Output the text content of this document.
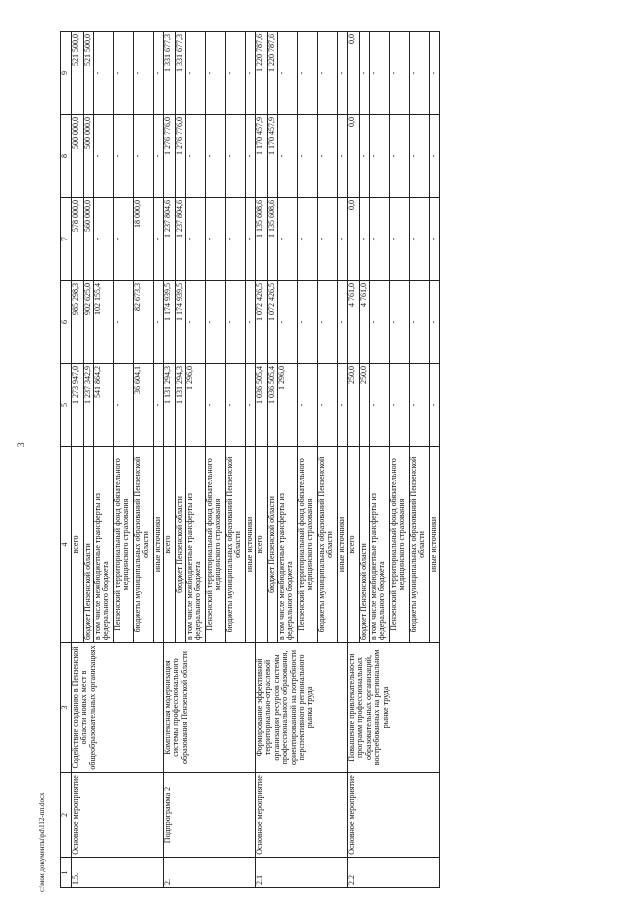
3
1	2	3	4	5	6	7	8	9
1.5.	Основное мероприятие	Содействие созданию в Пензенской области новых мест в общеобразовательных организациях	всего	1 273 947,0	985 298,3	578 000,0	500 000,0	521 500,0
			бюджет Пензенской области	1 237 342,9	902 625,0	560 000,0	500 000,0	521 500,0
			в том числе межбюджетные трансферты из федерального бюджета	541 864,2	102 155,4	-	-	-
			Пензенский территориальный фонд обязательного медицинского страхования	-	-	-	-	-
			бюджеты муниципальных образований Пензенской области	36 604,1	82 673,3	18 000,0	-	-
			иные источники	-	-	-	-	-
2.	Подпрограмма 2	Комплексная модернизация системы профессионального образования Пензенской области	всего	1 131 294,3	1 174 939,5	1 237 804,6	1 276 776,0	1 331 677,3
			бюджет Пензенской области	1 131 294,3	1 174 939,5	1 237 804,6	1 276 776,0	1 331 677,3
			в том числе межбюджетные трансферты из федерального бюджета	1 296,0	-	-	-	-
			Пензенский территориальный фонд обязательного медицинского страхования	-	-	-	-	-
			бюджеты муниципальных образований Пензенской области	-	-	-	-	-
			иные источники	-	-	-	-	-
2.1	Основное мероприятие	Формирование эффективной территориально-отраслевой организации ресурсов системы профессионального образования, ориентированной на потребности перспективного регионального рынка труда	всего	1 036 505,4	1 072 426,5	1 135 608,6	1 170 457,9	1 220 787,6
			бюджет Пензенской области	1 036 505,4	1 072 426,5	1 135 608,6	1 170 457,9	1 220 787,6
			в том числе межбюджетные трансферты из федерального бюджета	1 296,0	-	-	-	-
			Пензенский территориальный фонд обязательного медицинского страхования	-	-	-	-	-
			бюджеты муниципальных образований Пензенской области	-	-	-	-	-
			иные источники	-	-	-	-	-
2.2	Основное мероприятие	Повышение привлекательности программ профессиональных образовательных организаций, востребованных на региональном рынке труда	всего	250,0	4 761,0	0,0	0,0	0,0
			бюджет Пензенской области	250,0	4 761,0	-	-	-
			в том числе межбюджетные трансферты из федерального бюджета	-	-	-	-	-
			Пензенский территориальный фонд обязательного медицинского страхования	-	-	-	-	-
			бюджеты муниципальных образований Пензенской области	-	-	-	-	-
			иные источники	-	-	-	-	-
c:\мои документы\pd\112-пп.docx
